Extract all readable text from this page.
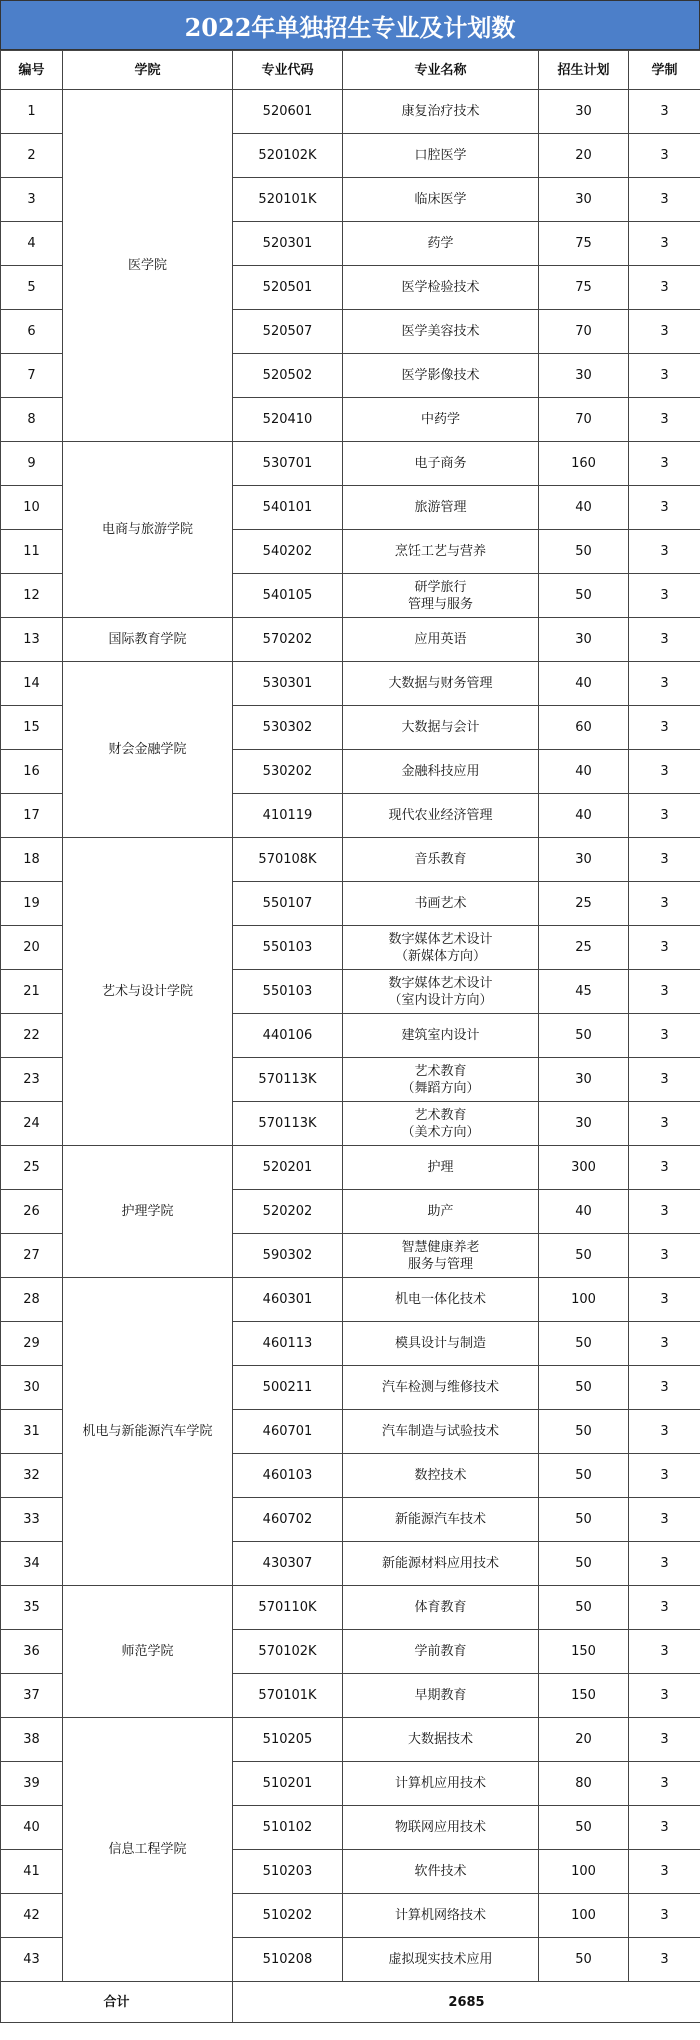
2022年单独招生专业及计划数
编号	学院	专业代码	专业名称	招生计划	学制
1	医学院	520601	康复治疗技术	30	3
2		520102K	口腔医学	20	3
3		520101K	临床医学	30	3
4		520301	药学	75	3
5		520501	医学检验技术	75	3
6		520507	医学美容技术	70	3
7		520502	医学影像技术	30	3
8		520410	中药学	70	3
9	电商与旅游学院	530701	电子商务	160	3
10		540101	旅游管理	40	3
11		540202	烹饪工艺与营养	50	3
12		540105	研学旅行
管理与服务	50	3
13	国际教育学院	570202	应用英语	30	3
14	财会金融学院	530301	大数据与财务管理	40	3
15		530302	大数据与会计	60	3
16		530202	金融科技应用	40	3
17		410119	现代农业经济管理	40	3
18	艺术与设计学院	570108K	音乐教育	30	3
19		550107	书画艺术	25	3
20		550103	数字媒体艺术设计
（新媒体方向）	25	3
21		550103	数字媒体艺术设计
（室内设计方向）	45	3
22		440106	建筑室内设计	50	3
23		570113K	艺术教育
（舞蹈方向）	30	3
24		570113K	艺术教育
（美术方向）	30	3
25	护理学院	520201	护理	300	3
26		520202	助产	40	3
27		590302	智慧健康养老
服务与管理	50	3
28	机电与新能源汽车学院	460301	机电一体化技术	100	3
29		460113	模具设计与制造	50	3
30		500211	汽车检测与维修技术	50	3
31		460701	汽车制造与试验技术	50	3
32		460103	数控技术	50	3
33		460702	新能源汽车技术	50	3
34		430307	新能源材料应用技术	50	3
35	师范学院	570110K	体育教育	50	3
36		570102K	学前教育	150	3
37		570101K	早期教育	150	3
38	信息工程学院	510205	大数据技术	20	3
39		510201	计算机应用技术	80	3
40		510102	物联网应用技术	50	3
41		510203	软件技术	100	3
42		510202	计算机网络技术	100	3
43		510208	虚拟现实技术应用	50	3
合计		2685			
